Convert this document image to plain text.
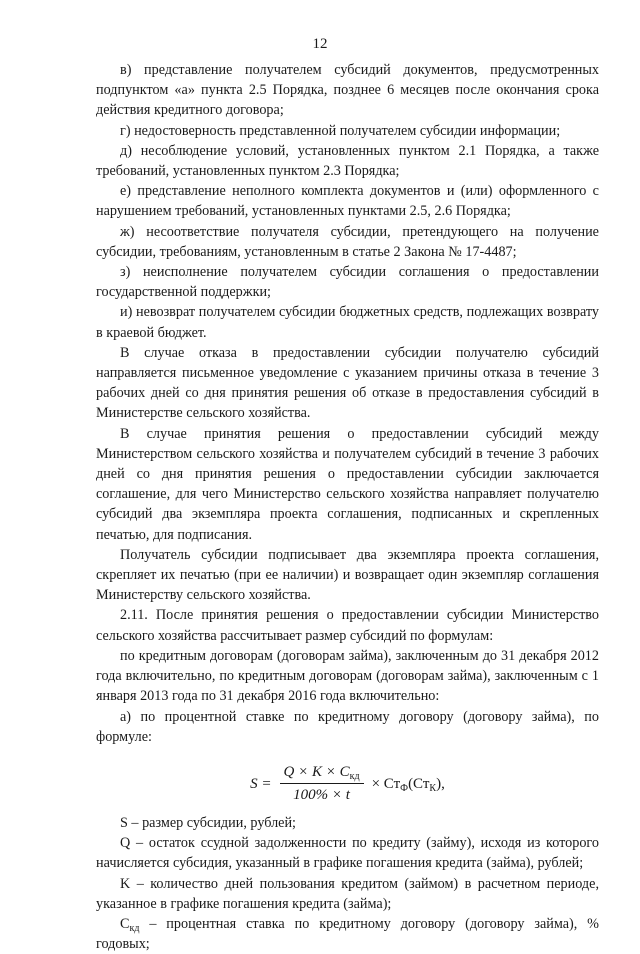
12

в) представление получателем субсидий документов, предусмотренных подпунктом «а» пункта 2.5 Порядка, позднее 6 месяцев после окончания срока действия кредитного договора;

г) недостоверность представленной получателем субсидии информации;

д) несоблюдение условий, установленных пунктом 2.1 Порядка, а также требований, установленных пунктом 2.3 Порядка;

е) представление неполного комплекта документов и (или) оформленного с нарушением требований, установленных пунктами 2.5, 2.6 Порядка;

ж) несоответствие получателя субсидии, претендующего на получение субсидии, требованиям, установленным в статье 2 Закона № 17-4487;

з) неисполнение получателем субсидии соглашения о предоставлении государственной поддержки;

и) невозврат получателем субсидии бюджетных средств, подлежащих возврату в краевой бюджет.

В случае отказа в предоставлении субсидии получателю субсидий направляется письменное уведомление с указанием причины отказа в течение 3 рабочих дней со дня принятия решения об отказе в предоставления субсидий в Министерстве сельского хозяйства.

В случае принятия решения о предоставлении субсидий между Министерством сельского хозяйства и получателем субсидий в течение 3 рабочих дней со дня принятия решения о предоставлении субсидии заключается соглашение, для чего Министерство сельского хозяйства направляет получателю субсидий два экземпляра проекта соглашения, подписанных и скрепленных печатью, для подписания.

Получатель субсидии подписывает два экземпляра проекта соглашения, скрепляет их печатью (при ее наличии) и возвращает один экземпляр соглашения Министерству сельского хозяйства.

2.11. После принятия решения о предоставлении субсидии Министерство сельского хозяйства рассчитывает размер субсидий по формулам:

по кредитным договорам (договорам займа), заключенным до 31 декабря 2012 года включительно, по кредитным договорам (договорам займа), заключенным с 1 января 2013 года по 31 декабря 2016 года включительно:

а) по процентной ставке по кредитному договору (договору займа), по формуле:

$S = \frac{Q \times K \times C_{кд}}{100\% \times t} \times Ст_Ф(Ст_К)$,

S – размер субсидии, рублей;

Q – остаток ссудной задолженности по кредиту (займу), исходя из которого начисляется субсидия, указанный в графике погашения кредита (займа), рублей;

K – количество дней пользования кредитом (займом) в расчетном периоде, указанное в графике погашения кредита (займа);

$С_{кд}$ – процентная ставка по кредитному договору (договору займа), % годовых;
